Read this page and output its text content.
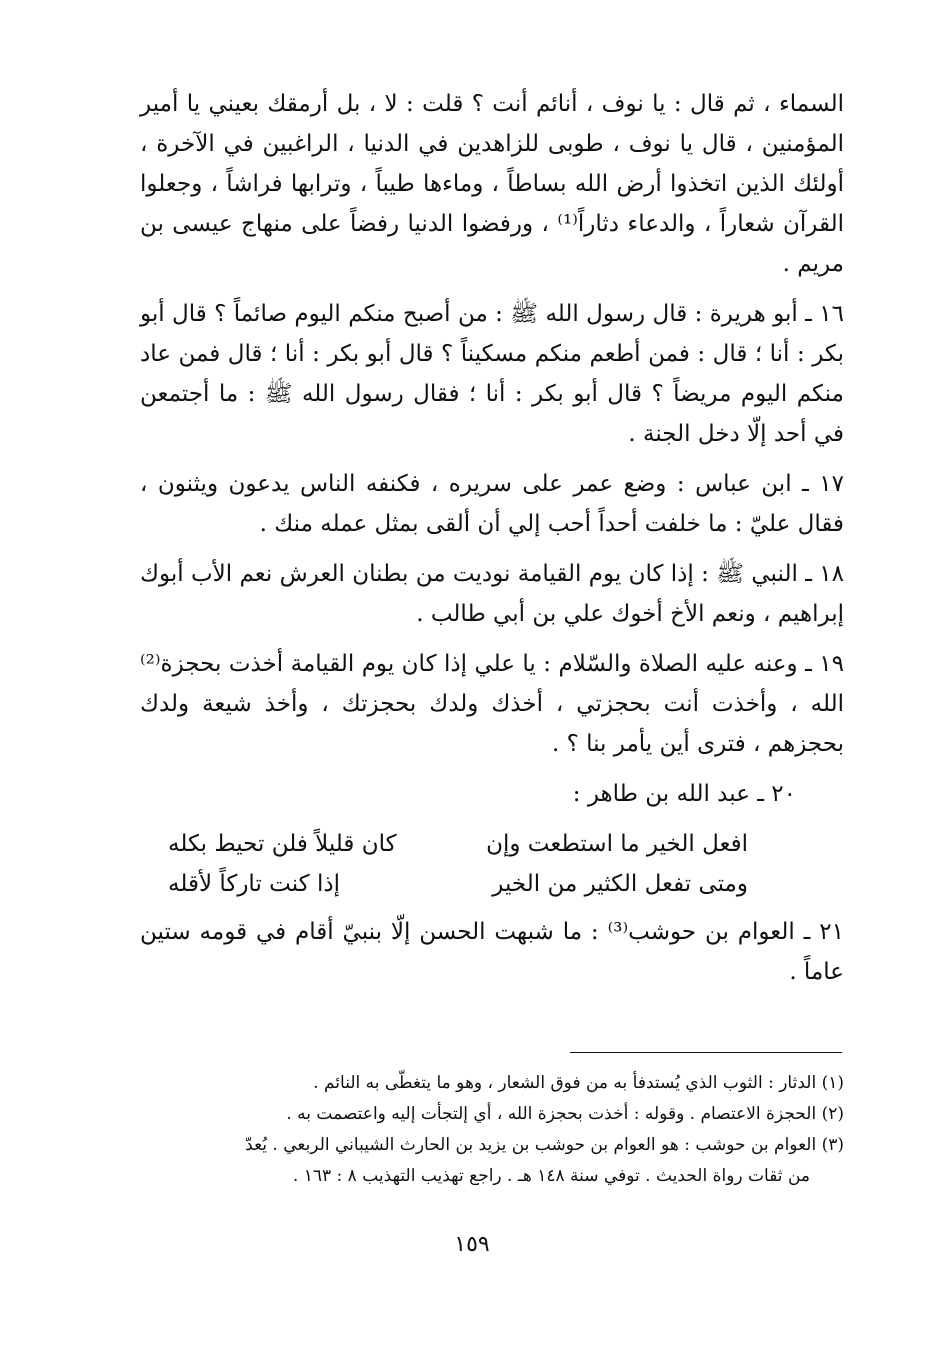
السماء ، ثم قال : يا نوف ، أنائم أنت ؟ قلت : لا ، بل أرمقك بعيني يا أمير المؤمنين ، قال يا نوف ، طوبى للزاهدين في الدنيا ، الراغبين في الآخرة ، أولئك الذين اتخذوا أرض الله بساطاً ، وماءها طيباً ، وترابها فراشاً ، وجعلوا القرآن شعاراً ، والدعاء دثاراً⁽¹⁾ ، ورفضوا الدنيا رفضاً على منهاج عيسى بن مريم .

١٦ ـ أبو هريرة : قال رسول الله ﷺ : من أصبح منكم اليوم صائماً ؟ قال أبو بكر : أنا ؛ قال : فمن أطعم منكم مسكيناً ؟ قال أبو بكر : أنا ؛ قال فمن عاد منكم اليوم مريضاً ؟ قال أبو بكر : أنا ؛ فقال رسول الله ﷺ : ما أجتمعن في أحد إلّا دخل الجنة .

١٧ ـ ابن عباس : وضع عمر على سريره ، فكنفه الناس يدعون ويثنون ، فقال عليّ : ما خلفت أحداً أحب إلي أن ألقى بمثل عمله منك .

١٨ ـ النبي ﷺ : إذا كان يوم القيامة نوديت من بطنان العرش نعم الأب أبوك إبراهيم ، ونعم الأخ أخوك علي بن أبي طالب .

١٩ ـ وعنه عليه الصلاة والسّلام : يا علي إذا كان يوم القيامة أخذت بحجزة⁽²⁾ الله ، وأخذت أنت بحجزتي ، أخذك ولدك بحجزتك ، وأخذ شيعة ولدك بحجزهم ، فترى أين يأمر بنا ؟ .

٢٠ ـ عبد الله بن طاهر :

افعل الخير ما استطعت وإن
كان قليلاً فلن تحيط بكله
ومتى تفعل الكثير من الخير
إذا كنت تاركاً لأقله

٢١ ـ العوام بن حوشب⁽³⁾ : ما شبهت الحسن إلّا بنبيّ أقام في قومه ستين عاماً .

(١) الدثار : الثوب الذي يُستدفأ به من فوق الشعار ، وهو ما يتغطّى به النائم .

(٢) الحجزة الاعتصام . وقوله : أخذت بحجزة الله ، أي إلتجأت إليه واعتصمت به .

(٣) العوام بن حوشب : هو العوام بن حوشب بن يزيد بن الحارث الشيباني الربعي . يُعدّ

من ثقات رواة الحديث . توفي سنة ١٤٨ هـ . راجع تهذيب التهذيب ٨ : ١٦٣ .

١٥٩
